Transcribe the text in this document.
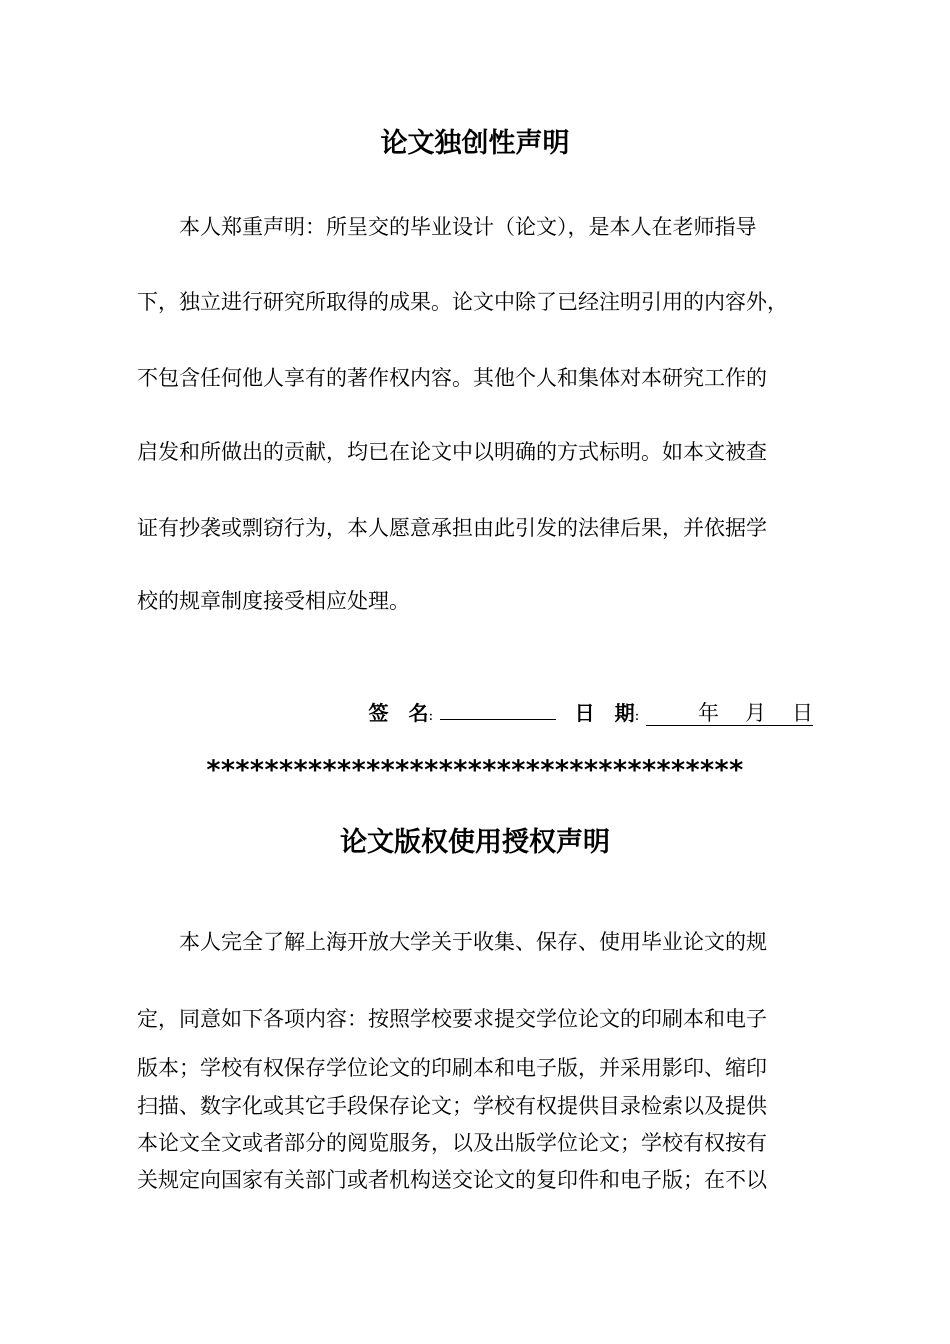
论文独创性声明
本人郑重声明：所呈交的毕业设计（论文），是本人在老师指导
下，独立进行研究所取得的成果。论文中除了已经注明引用的内容外，
不包含任何他人享有的著作权内容。其他个人和集体对本研究工作的
启发和所做出的贡献，均已在论文中以明确的方式标明。如本文被查
证有抄袭或剽窃行为，本人愿意承担由此引发的法律后果，并依据学
校的规章制度接受相应处理。
签　名:	日　期:	年 月 日
*************************************
论文版权使用授权声明
本人完全了解上海开放大学关于收集、保存、使用毕业论文的规
定，同意如下各项内容：按照学校要求提交学位论文的印刷本和电子
版本；学校有权保存学位论文的印刷本和电子版，并采用影印、缩印
扫描、数字化或其它手段保存论文；学校有权提供目录检索以及提供
本论文全文或者部分的阅览服务，以及出版学位论文；学校有权按有
关规定向国家有关部门或者机构送交论文的复印件和电子版；在不以
